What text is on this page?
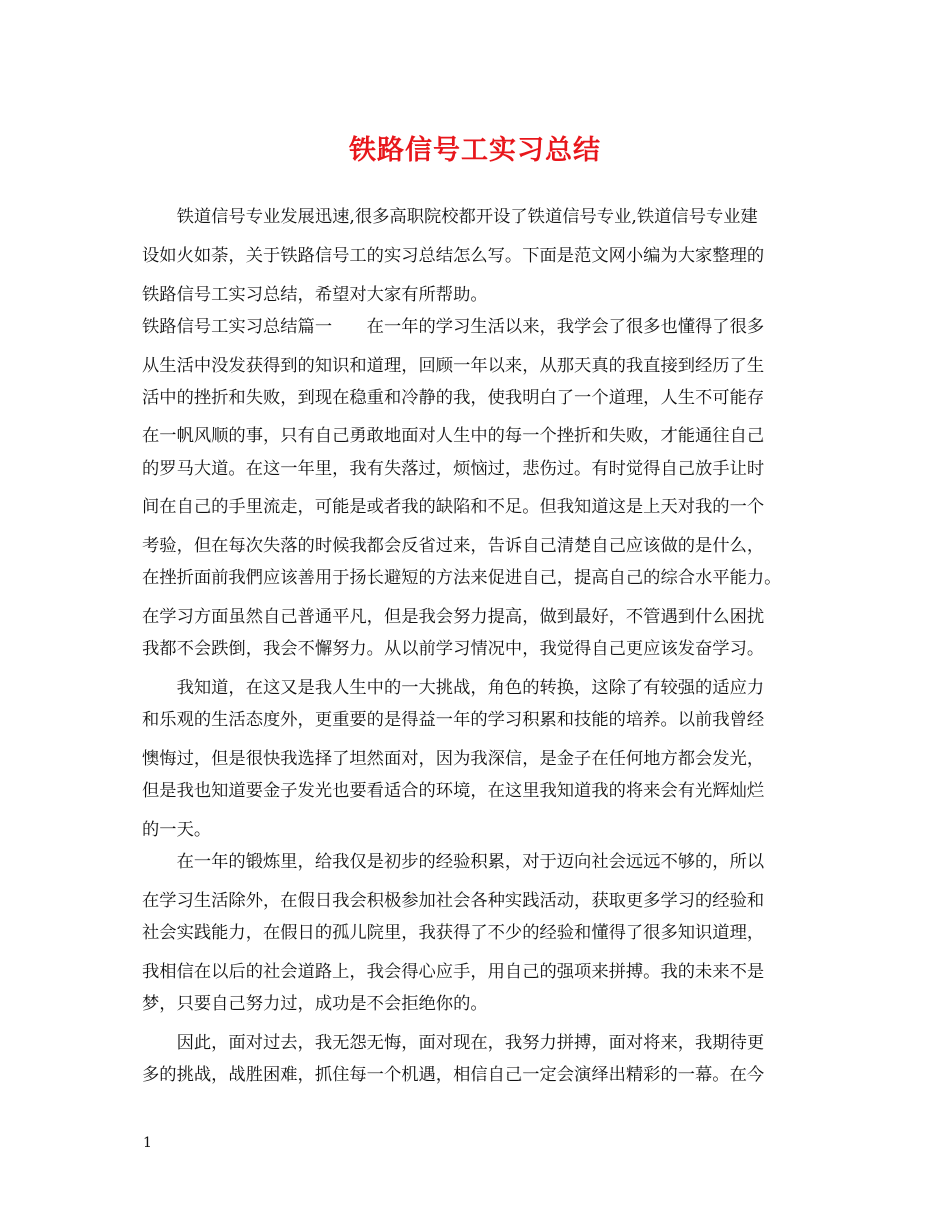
铁路信号工实习总结
　　铁道信号专业发展迅速,很多高职院校都开设了铁道信号专业,铁道信号专业建
设如火如荼，关于铁路信号工的实习总结怎么写。下面是范文网小编为大家整理的
铁路信号工实习总结，希望对大家有所帮助。
铁路信号工实习总结篇一　　在一年的学习生活以来，我学会了很多也懂得了很多
从生活中没发获得到的知识和道理，回顾一年以来，从那天真的我直接到经历了生
活中的挫折和失败，到现在稳重和冷静的我，使我明白了一个道理，人生不可能存
在一帆风顺的事，只有自己勇敢地面对人生中的每一个挫折和失败，才能通往自己
的罗马大道。在这一年里，我有失落过，烦恼过，悲伤过。有时觉得自己放手让时
间在自己的手里流走，可能是或者我的缺陷和不足。但我知道这是上天对我的一个
考验，但在每次失落的时候我都会反省过来，告诉自己清楚自己应该做的是什么，
在挫折面前我們应该善用于扬长避短的方法来促进自己，提高自己的综合水平能力。
在学习方面虽然自己普通平凡，但是我会努力提高，做到最好，不管遇到什么困扰
我都不会跌倒，我会不懈努力。从以前学习情况中，我觉得自己更应该发奋学习。
　　我知道，在这又是我人生中的一大挑战，角色的转换，这除了有较强的适应力
和乐观的生活态度外，更重要的是得益一年的学习积累和技能的培养。以前我曾经
懊悔过，但是很快我选择了坦然面对，因为我深信，是金子在任何地方都会发光，
但是我也知道要金子发光也要看适合的环境，在这里我知道我的将来会有光辉灿烂
的一天。
　　在一年的锻炼里，给我仅是初步的经验积累，对于迈向社会远远不够的，所以
在学习生活除外，在假日我会积极参加社会各种实践活动，获取更多学习的经验和
社会实践能力，在假日的孤儿院里，我获得了不少的经验和懂得了很多知识道理，
我相信在以后的社会道路上，我会得心应手，用自己的强项来拼搏。我的未来不是
梦，只要自己努力过，成功是不会拒绝你的。
　　因此，面对过去，我无怨无悔，面对现在，我努力拼搏，面对将来，我期待更
多的挑战，战胜困难，抓住每一个机遇，相信自己一定会演绎出精彩的一幕。在今
1
